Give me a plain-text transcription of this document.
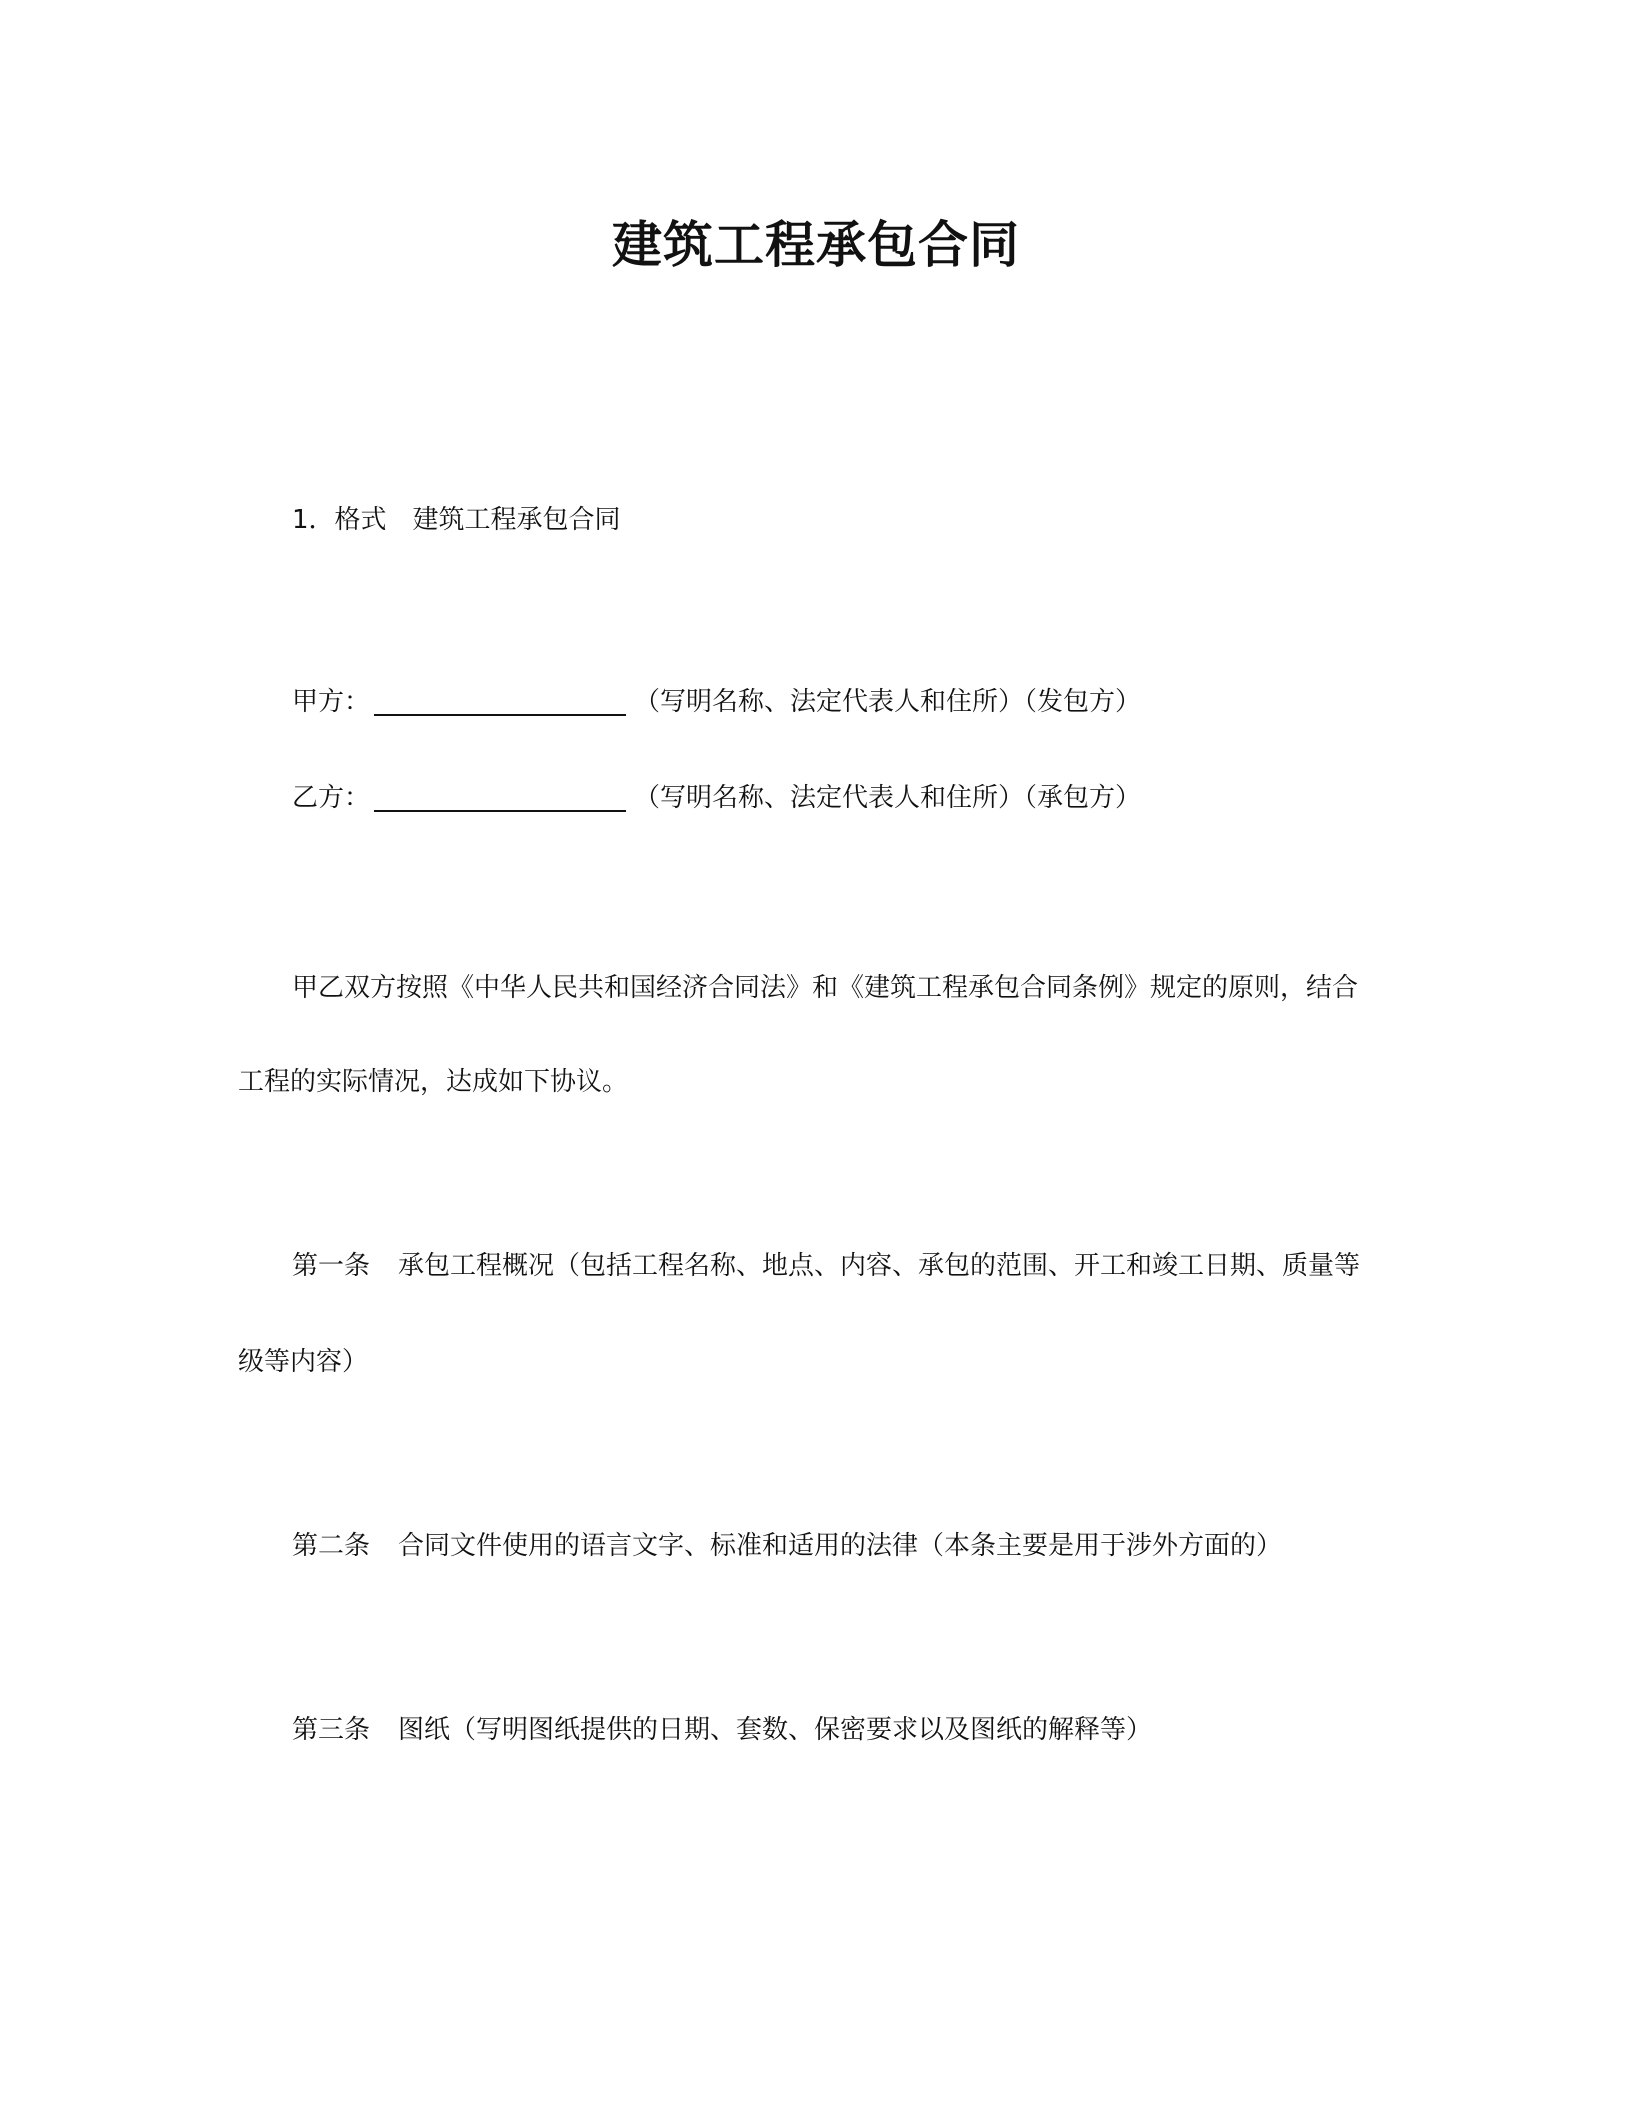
建筑工程承包合同
1．格式 建筑工程承包合同
甲方：	（写明名称、法定代表人和住所）（发包方）
乙方：	（写明名称、法定代表人和住所）（承包方）
甲乙双方按照《中华人民共和国经济合同法》和《建筑工程承包合同条例》规定的原则，结合
工程的实际情况，达成如下协议。
第一条 承包工程概况（包括工程名称、地点、内容、承包的范围、开工和竣工日期、质量等
级等内容）
第二条 合同文件使用的语言文字、标准和适用的法律（本条主要是用于涉外方面的）
第三条 图纸（写明图纸提供的日期、套数、保密要求以及图纸的解释等）
